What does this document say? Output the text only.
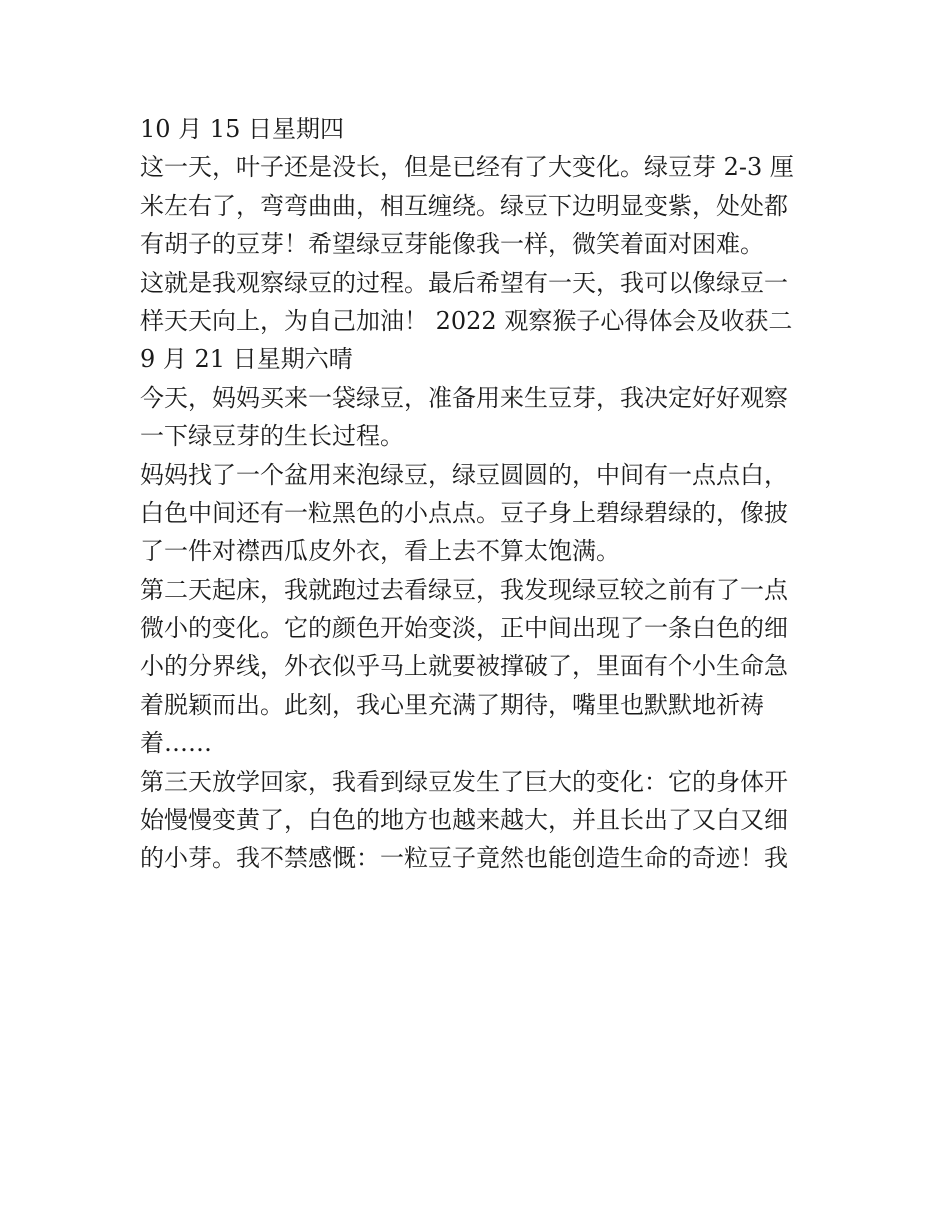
10 月 15 日星期四
这一天，叶子还是没长，但是已经有了大变化。绿豆芽 2-3 厘
米左右了，弯弯曲曲，相互缠绕。绿豆下边明显变紫，处处都
有胡子的豆芽！希望绿豆芽能像我一样，微笑着面对困难。
这就是我观察绿豆的过程。最后希望有一天，我可以像绿豆一
样天天向上，为自己加油！ 2022 观察猴子心得体会及收获二
9 月 21 日星期六晴
今天，妈妈买来一袋绿豆，准备用来生豆芽，我决定好好观察
一下绿豆芽的生长过程。
妈妈找了一个盆用来泡绿豆，绿豆圆圆的，中间有一点点白，
白色中间还有一粒黑色的小点点。豆子身上碧绿碧绿的，像披
了一件对襟西瓜皮外衣，看上去不算太饱满。
第二天起床，我就跑过去看绿豆，我发现绿豆较之前有了一点
微小的变化。它的颜色开始变淡，正中间出现了一条白色的细
小的分界线，外衣似乎马上就要被撑破了，里面有个小生命急
着脱颖而出。此刻，我心里充满了期待，嘴里也默默地祈祷
着……
第三天放学回家，我看到绿豆发生了巨大的变化：它的身体开
始慢慢变黄了，白色的地方也越来越大，并且长出了又白又细
的小芽。我不禁感慨：一粒豆子竟然也能创造生命的奇迹！我
